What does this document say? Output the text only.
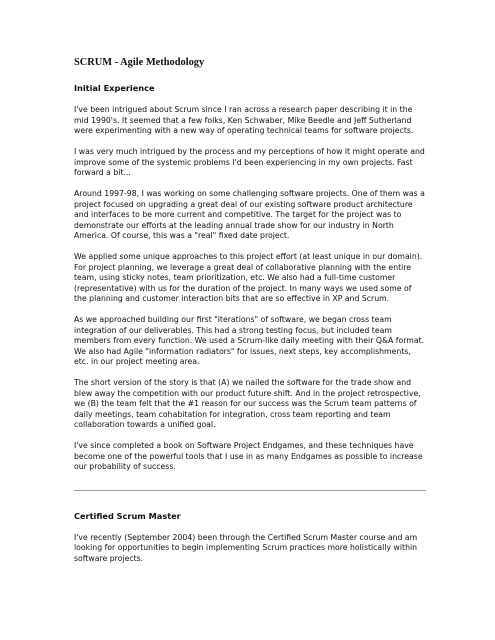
SCRUM - Agile Methodology
Initial Experience

I've been intrigued about Scrum since I ran across a research paper describing it in the mid 1990's. It seemed that a few folks, Ken Schwaber, Mike Beedle and Jeff Sutherland were experimenting with a new way of operating technical teams for software projects.

I was very much intrigued by the process and my perceptions of how it might operate and improve some of the systemic problems I'd been experiencing in my own projects. Fast forward a bit...

Around 1997-98, I was working on some challenging software projects. One of them was a project focused on upgrading a great deal of our existing software product architecture and interfaces to be more current and competitive. The target for the project was to demonstrate our efforts at the leading annual trade show for our industry in North America. Of course, this was a "real" fixed date project.

We applied some unique approaches to this project effort (at least unique in our domain). For project planning, we leverage a great deal of collaborative planning with the entire team, using sticky notes, team prioritization, etc. We also had a full-time customer (representative) with us for the duration of the project. In many ways we used some of the planning and customer interaction bits that are so effective in XP and Scrum.

As we approached building our first "iterations" of software, we began cross team integration of our deliverables. This had a strong testing focus, but included team members from every function. We used a Scrum-like daily meeting with their Q&A format. We also had Agile "information radiators" for issues, next steps, key accomplishments, etc. in our project meeting area.

The short version of the story is that (A) we nailed the software for the trade show and blew away the competition with our product future shift. And in the project retrospective, we (B) the team felt that the #1 reason for our success was the Scrum team patterns of daily meetings, team cohabitation for integration, cross team reporting and team collaboration towards a unified goal.

I've since completed a book on Software Project Endgames, and these techniques have become one of the powerful tools that I use in as many Endgames as possible to increase our probability of success.

Certified Scrum Master

I've recently (September 2004) been through the Certified Scrum Master course and am looking for opportunities to begin implementing Scrum practices more holistically within software projects.
